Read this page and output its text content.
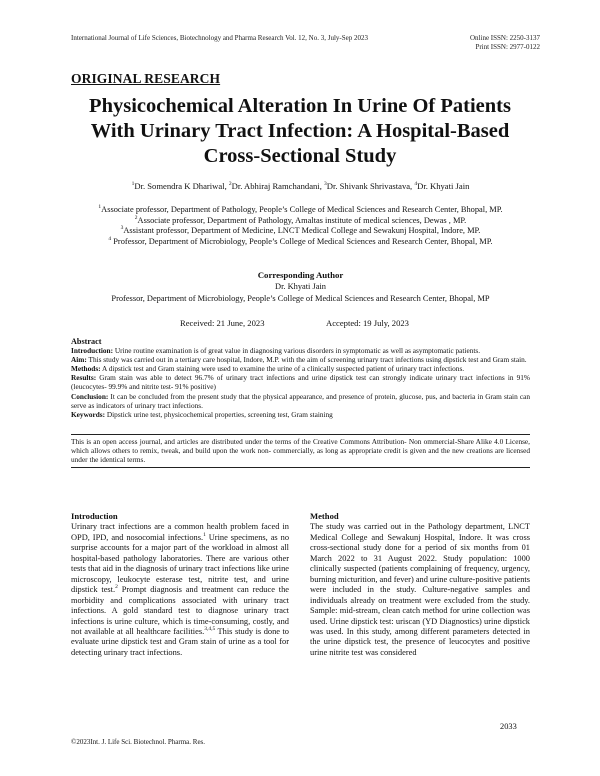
International Journal of Life Sciences, Biotechnology and Pharma Research Vol. 12, No. 3, July-Sep 2023	Online ISSN: 2250-3137
Print ISSN: 2977-0122
ORIGINAL RESEARCH
Physicochemical Alteration In Urine Of Patients With Urinary Tract Infection: A Hospital-Based Cross-Sectional Study
$^1$Dr. Somendra K Dhariwal, $^2$Dr. Abhiraj Ramchandani, $^3$Dr. Shivank Shrivastava, $^4$Dr. Khyati Jain
$^1$Associate professor, Department of Pathology, People’s College of Medical Sciences and Research Center, Bhopal, MP.
$^2$Associate professor, Department of Pathology, Amaltas institute of medical sciences, Dewas , MP.
$^3$Assistant professor, Department of Medicine, LNCT Medical College and Sewakunj Hospital, Indore, MP.
$^4$ Professor, Department of Microbiology, People’s College of Medical Sciences and Research Center, Bhopal, MP.
Corresponding Author
Dr. Khyati Jain
Professor, Department of Microbiology, People’s College of Medical Sciences and Research Center, Bhopal, MP
Received: 21 June, 2023	Accepted: 19 July, 2023

Abstract

Introduction: Urine routine examination is of great value in diagnosing various disorders in symptomatic as well as asymptomatic patients.

Aim: This study was carried out in a tertiary care hospital, Indore, M.P. with the aim of screening urinary tract infections using dipstick test and Gram stain.

Methods: A dipstick test and Gram staining were used to examine the urine of a clinically suspected patient of urinary tract infections.

Results: Gram stain was able to detect 96.7% of urinary tract infections and urine dipstick test can strongly indicate urinary tract infections in 91% (leucocytes- 99.9% and nitrite test- 91% positive)

Conclusion: It can be concluded from the present study that the physical appearance, and presence of protein, glucose, pus, and bacteria in Gram stain can serve as indicators of urinary tract infections.

Keywords: Dipstick urine test, physicochemical properties, screening test, Gram staining

This is an open access journal, and articles are distributed under the terms of the Creative Commons Attribution- Non ommercial-Share Alike 4.0 License, which allows others to remix, tweak, and build upon the work non- commercially, as long as appropriate credit is given and the new creations are licensed under the identical terms.
Introduction

Urinary tract infections are a common health problem faced in OPD, IPD, and nosocomial infections.$^1$ Urine specimens, as no surprise accounts for a major part of the workload in almost all hospital-based pathology laboratories. There are various other tests that aid in the diagnosis of urinary tract infections like urine microscopy, leukocyte esterase test, nitrite test, and urine dipstick test.$^2$ Prompt diagnosis and treatment can reduce the morbidity and complications associated with urinary tract infections. A gold standard test to diagnose urinary tract infections is urine culture, which is time-consuming, costly, and not available at all healthcare facilities.$^{3,4,5}$ This study is done to evaluate urine dipstick test and Gram stain of urine as a tool for detecting urinary tract infections.

Method

The study was carried out in the Pathology department, LNCT Medical College and Sewakunj Hospital, Indore. It was cross cross-sectional study done for a period of six months from 01 March 2022 to 31 August 2022. Study population: 1000 clinically suspected (patients complaining of frequency, urgency, burning micturition, and fever) and urine culture-positive patients were included in the study. Culture-negative samples and individuals already on treatment were excluded from the study. Sample: mid-stream, clean catch method for urine collection was used. Urine dipstick test: uriscan (YD Diagnostics) urine dipstick was used. In this study, among different parameters detected in the urine dipstick test, the presence of leucocytes and positive urine nitrite test was considered

2033
©2023Int. J. Life Sci. Biotechnol. Pharma. Res.
